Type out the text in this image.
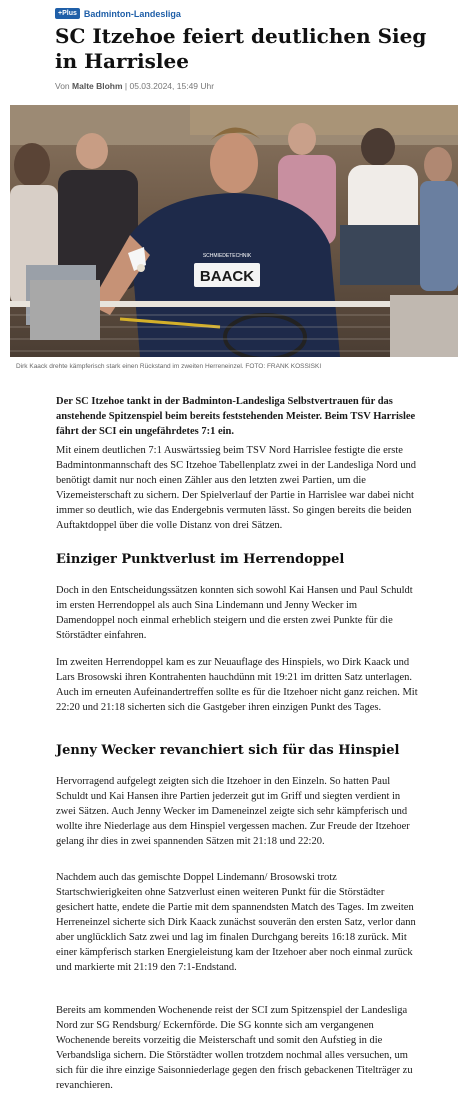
+Plus Badminton-Landesliga
SC Itzehoe feiert deutlichen Sieg in Harrislee
Von Malte Blohm | 05.03.2024, 15:49 Uhr
BAACK
SCHMIEDETECHNIK
Dirk Kaack drehte kämpferisch stark einen Rückstand im zweiten Herreneinzel. FOTO: FRANK KOSSISKI

Der SC Itzehoe tankt in der Badminton-Landesliga Selbstvertrauen für das anstehende Spitzenspiel beim bereits feststehenden Meister. Beim TSV Harrislee fährt der SCI ein ungefährdetes 7:1 ein.

Mit einem deutlichen 7:1 Auswärtssieg beim TSV Nord Harrislee festigte die erste Badmintonmannschaft des SC Itzehoe Tabellenplatz zwei in der Landesliga Nord und benötigt damit nur noch einen Zähler aus den letzten zwei Partien, um die Vizemeisterschaft zu sichern. Der Spielverlauf der Partie in Harrislee war dabei nicht immer so deutlich, wie das Endergebnis vermuten lässt. So gingen bereits die beiden Auftaktdoppel über die volle Distanz von drei Sätzen.

Einziger Punktverlust im Herrendoppel

Doch in den Entscheidungssätzen konnten sich sowohl Kai Hansen und Paul Schuldt im ersten Herrendoppel als auch Sina Lindemann und Jenny Wecker im Damendoppel noch einmal erheblich steigern und die ersten zwei Punkte für die Störstädter einfahren.

Im zweiten Herrendoppel kam es zur Neuauflage des Hinspiels, wo Dirk Kaack und Lars Brosowski ihren Kontrahenten hauchdünn mit 19:21 im dritten Satz unterlagen. Auch im erneuten Aufeinandertreffen sollte es für die Itzehoer nicht ganz reichen. Mit 22:20 und 21:18 sicherten sich die Gastgeber ihren einzigen Punkt des Tages.

Jenny Wecker revanchiert sich für das Hinspiel

Hervorragend aufgelegt zeigten sich die Itzehoer in den Einzeln. So hatten Paul Schuldt und Kai Hansen ihre Partien jederzeit gut im Griff und siegten verdient in zwei Sätzen. Auch Jenny Wecker im Dameneinzel zeigte sich sehr kämpferisch und wollte ihre Niederlage aus dem Hinspiel vergessen machen. Zur Freude der Itzehoer gelang ihr dies in zwei spannenden Sätzen mit 21:18 und 22:20.

Nachdem auch das gemischte Doppel Lindemann/ Brosowski trotz Startschwierigkeiten ohne Satzverlust einen weiteren Punkt für die Störstädter gesichert hatte, endete die Partie mit dem spannendsten Match des Tages. Im zweiten Herreneinzel sicherte sich Dirk Kaack zunächst souverän den ersten Satz, verlor dann aber unglücklich Satz zwei und lag im finalen Durchgang bereits 16:18 zurück. Mit einer kämpferisch starken Energieleistung kam der Itzehoer aber noch einmal zurück und markierte mit 21:19 den 7:1-Endstand.

Bereits am kommenden Wochenende reist der SCI zum Spitzenspiel der Landesliga Nord zur SG Rendsburg/ Eckernförde. Die SG konnte sich am vergangenen Wochenende bereits vorzeitig die Meisterschaft und somit den Aufstieg in die Verbandsliga sichern. Die Störstädter wollen trotzdem nochmal alles versuchen, um sich für die ihre einzige Saisonniederlage gegen den frisch gebackenen Titelträger zu revanchieren.
